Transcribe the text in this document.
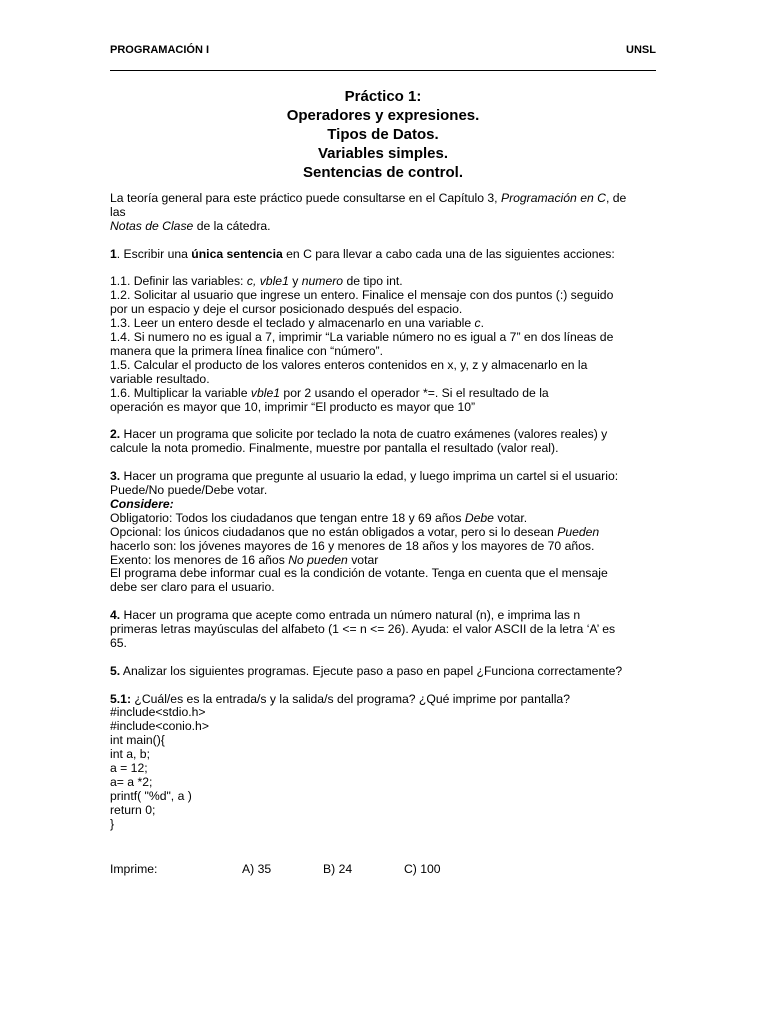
PROGRAMACIÓN I	UNSL
Práctico 1:
Operadores y expresiones.
Tipos de Datos.
Variables simples.
Sentencias de control.

La teoría general para este práctico puede consultarse en el Capítulo 3, Programación en C, de
las
Notas de Clase de la cátedra.

1. Escribir una única sentencia en C para llevar a cabo cada una de las siguientes acciones:

1.1. Definir las variables: c, vble1 y numero de tipo int.
1.2. Solicitar al usuario que ingrese un entero. Finalice el mensaje con dos puntos (:) seguido
por un espacio y deje el cursor posicionado después del espacio.
1.3. Leer un entero desde el teclado y almacenarlo en una variable c.
1.4. Si numero no es igual a 7, imprimir “La variable número no es igual a 7” en dos líneas de
manera que la primera línea finalice con “número”.
1.5. Calcular el producto de los valores enteros contenidos en x, y, z y almacenarlo en la
variable resultado.
1.6. Multiplicar la variable vble1 por 2 usando el operador *=. Si el resultado de la
operación es mayor que 10, imprimir “El producto es mayor que 10”

2. Hacer un programa que solicite por teclado la nota de cuatro exámenes (valores reales) y
calcule la nota promedio. Finalmente, muestre por pantalla el resultado (valor real).

3. Hacer un programa que pregunte al usuario la edad, y luego imprima un cartel si el usuario:
Puede/No puede/Debe votar.
Considere:
Obligatorio: Todos los ciudadanos que tengan entre 18 y 69 años Debe votar.
Opcional: los únicos ciudadanos que no están obligados a votar, pero si lo desean Pueden
hacerlo son: los jóvenes mayores de 16 y menores de 18 años y los mayores de 70 años.
Exento: los menores de 16 años No pueden votar
El programa debe informar cual es la condición de votante. Tenga en cuenta que el mensaje
debe ser claro para el usuario.

4. Hacer un programa que acepte como entrada un número natural (n), e imprima las n
primeras letras mayúsculas del alfabeto (1 <= n <= 26). Ayuda: el valor ASCII de la letra ‘A’ es
65.

5. Analizar los siguientes programas. Ejecute paso a paso en papel ¿Funciona correctamente?

5.1: ¿Cuál/es es la entrada/s y la salida/s del programa? ¿Qué imprime por pantalla?
#include<stdio.h>
#include<conio.h>
int main(){
int a, b;
a = 12;
a= a *2;
printf( "%d", a )
return 0;
}

Imprime:	A) 35	B) 24	C) 100
